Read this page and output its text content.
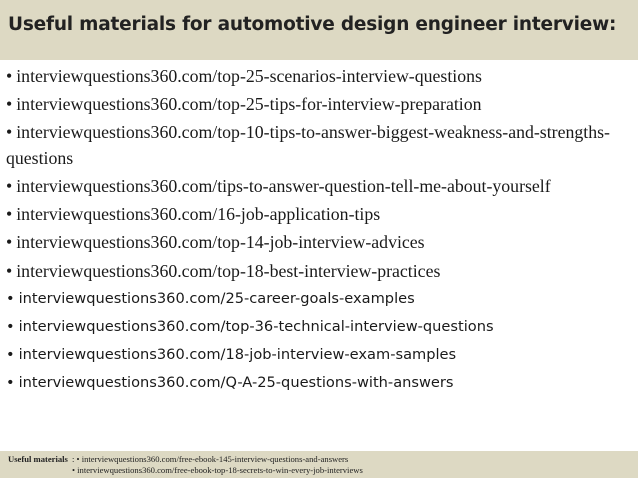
Useful materials for automotive design engineer interview:
• interviewquestions360.com/top-25-scenarios-interview-questions
• interviewquestions360.com/top-25-tips-for-interview-preparation
• interviewquestions360.com/top-10-tips-to-answer-biggest-weakness-and-strengths-questions
• interviewquestions360.com/tips-to-answer-question-tell-me-about-yourself
• interviewquestions360.com/16-job-application-tips
• interviewquestions360.com/top-14-job-interview-advices
• interviewquestions360.com/top-18-best-interview-practices
• interviewquestions360.com/25-career-goals-examples
• interviewquestions360.com/top-36-technical-interview-questions
• interviewquestions360.com/18-job-interview-exam-samples
• interviewquestions360.com/Q-A-25-questions-with-answers
Useful materials : • interviewquestions360.com/free-ebook-145-interview-questions-and-answers
• interviewquestions360.com/free-ebook-top-18-secrets-to-win-every-job-interviews
